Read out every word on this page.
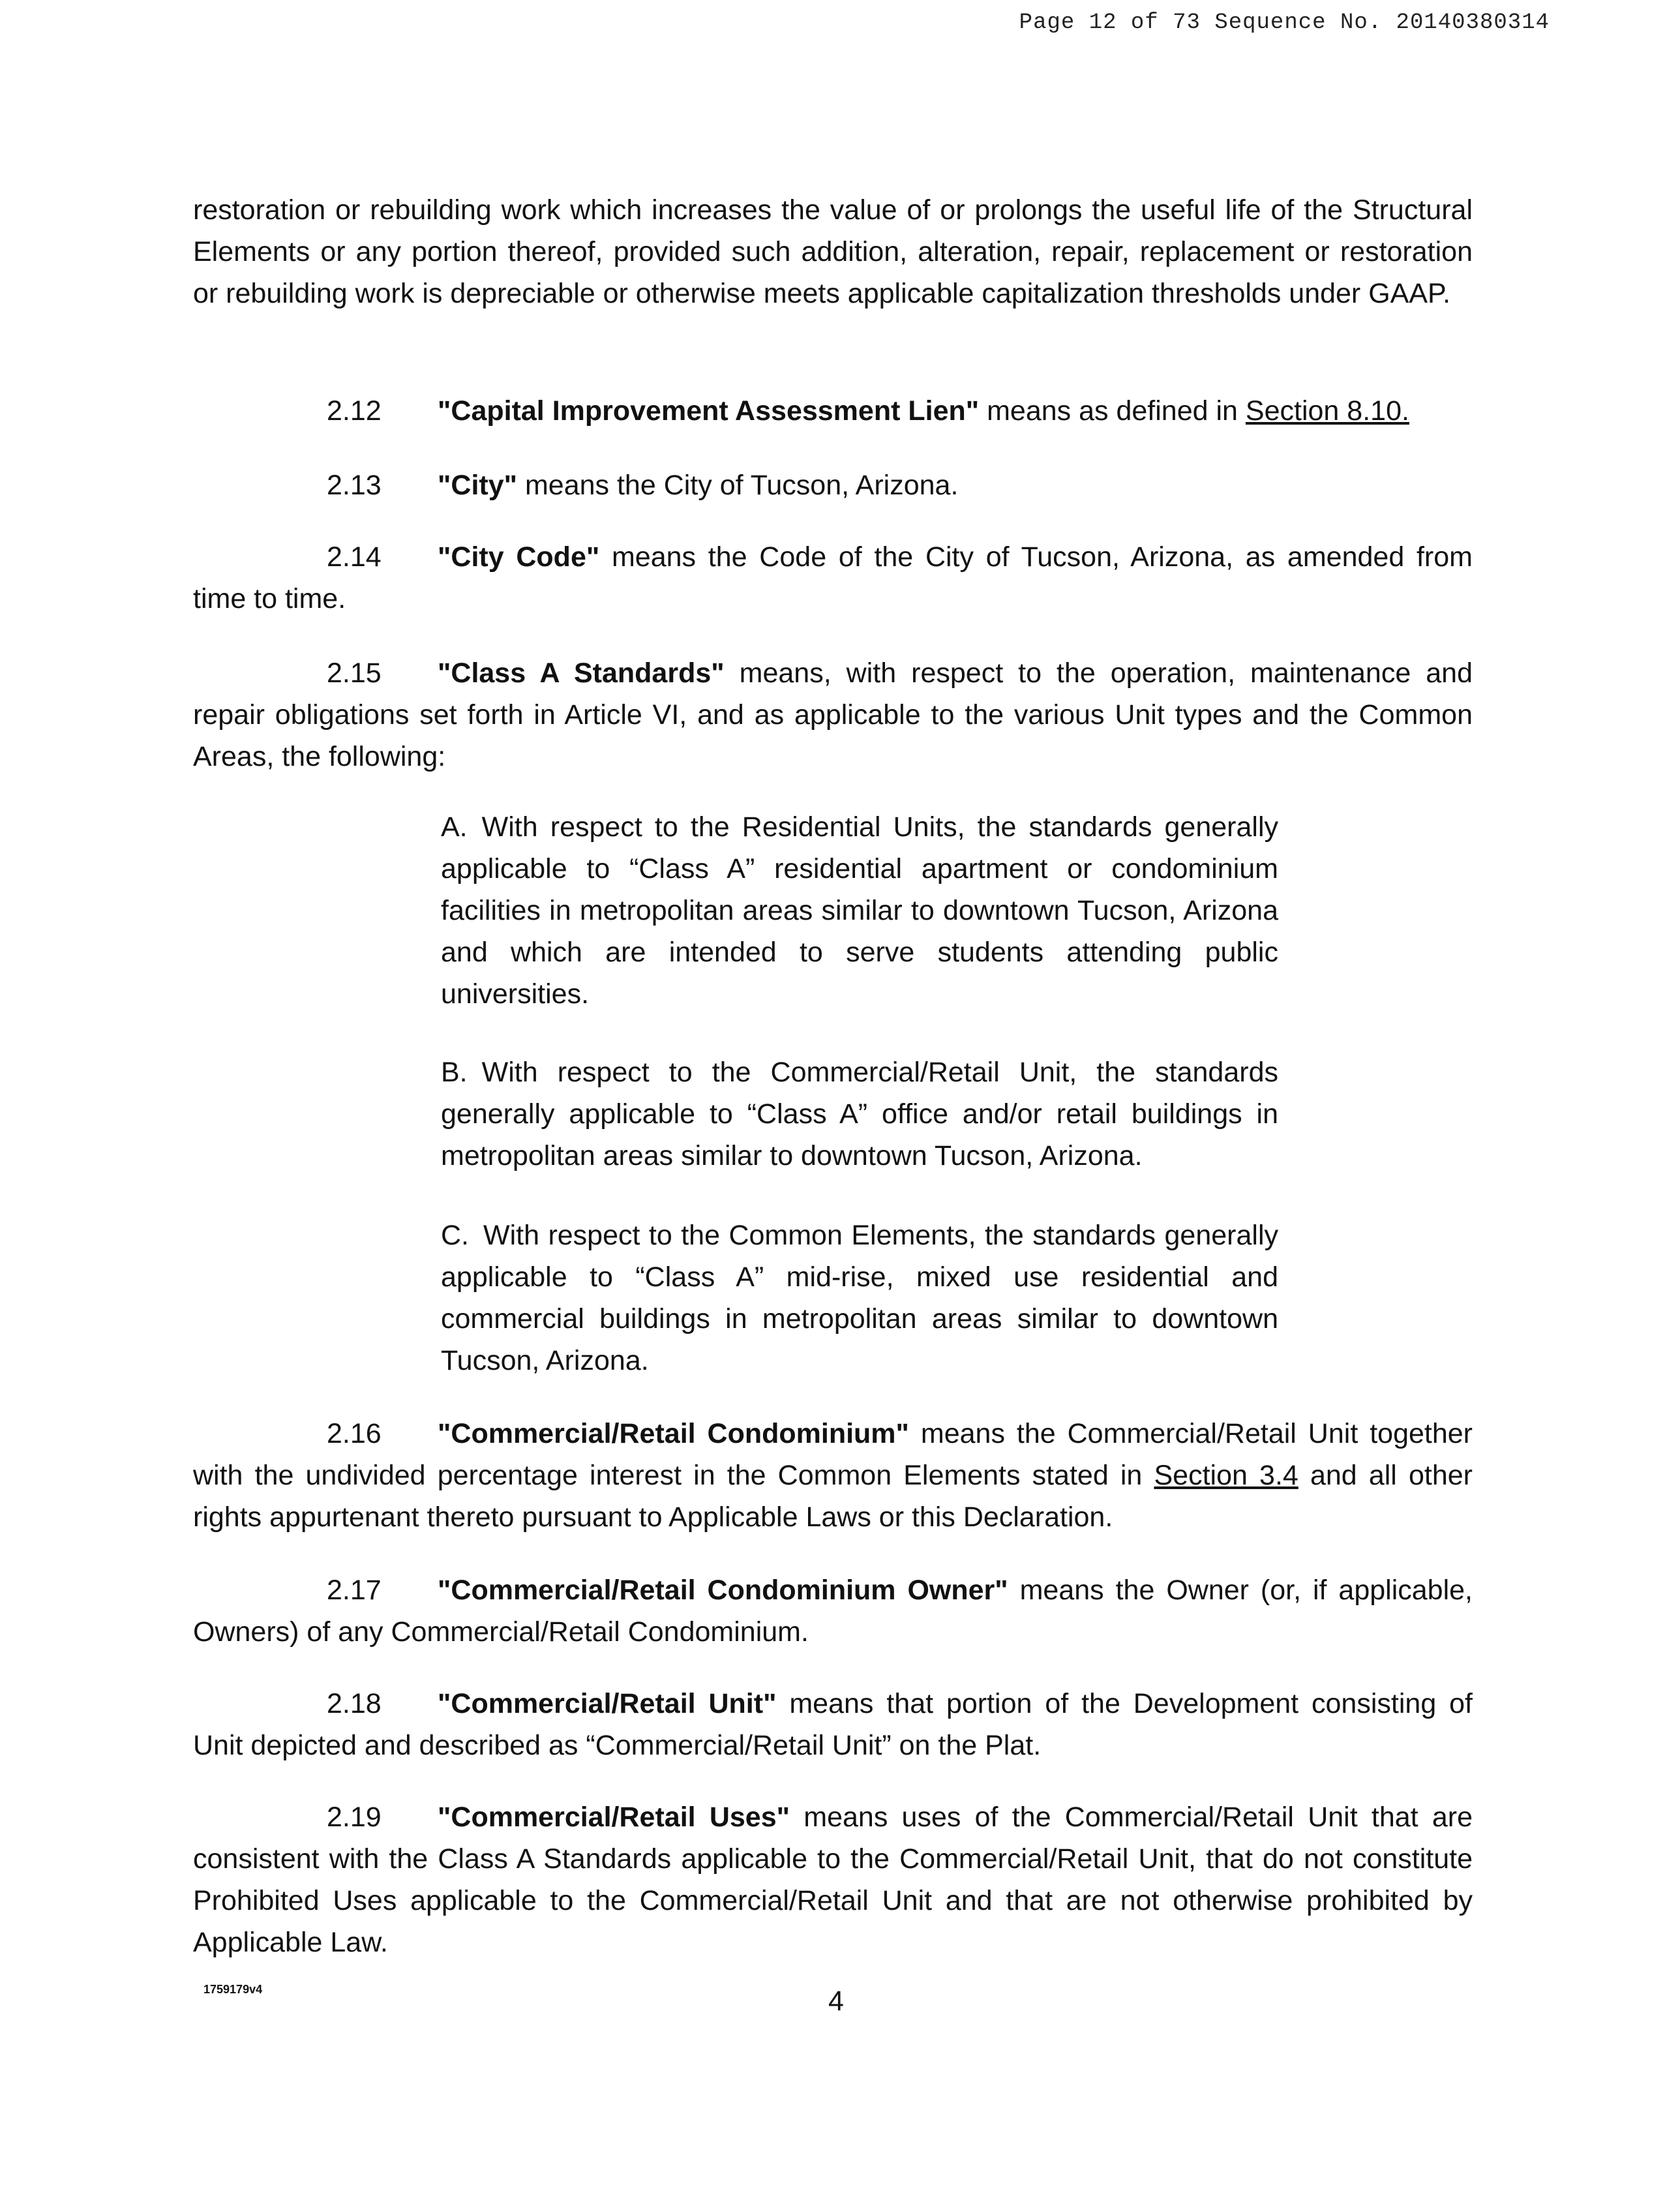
Page 12 of 73 Sequence No. 20140380314

restoration or rebuilding work which increases the value of or prolongs the useful life of the Structural Elements or any portion thereof, provided such addition, alteration, repair, replacement or restoration or rebuilding work is depreciable or otherwise meets applicable capitalization thresholds under GAAP.

2.12 "Capital Improvement Assessment Lien" means as defined in Section 8.10.

2.13 "City" means the City of Tucson, Arizona.

2.14 "City Code" means the Code of the City of Tucson, Arizona, as amended from time to time.

2.15 "Class A Standards" means, with respect to the operation, maintenance and repair obligations set forth in Article VI, and as applicable to the various Unit types and the Common Areas, the following:

A. With respect to the Residential Units, the standards generally applicable to “Class A” residential apartment or condominium facilities in metropolitan areas similar to downtown Tucson, Arizona and which are intended to serve students attending public universities.
B. With respect to the Commercial/Retail Unit, the standards generally applicable to “Class A” office and/or retail buildings in metropolitan areas similar to downtown Tucson, Arizona.
C. With respect to the Common Elements, the standards generally applicable to “Class A” mid-rise, mixed use residential and commercial buildings in metropolitan areas similar to downtown Tucson, Arizona.

2.16 "Commercial/Retail Condominium" means the Commercial/Retail Unit together with the undivided percentage interest in the Common Elements stated in Section 3.4 and all other rights appurtenant thereto pursuant to Applicable Laws or this Declaration.

2.17 "Commercial/Retail Condominium Owner" means the Owner (or, if applicable, Owners) of any Commercial/Retail Condominium.

2.18 "Commercial/Retail Unit" means that portion of the Development consisting of Unit depicted and described as “Commercial/Retail Unit” on the Plat.

2.19 "Commercial/Retail Uses" means uses of the Commercial/Retail Unit that are consistent with the Class A Standards applicable to the Commercial/Retail Unit, that do not constitute Prohibited Uses applicable to the Commercial/Retail Unit and that are not otherwise prohibited by Applicable Law.

1759179v4	4
